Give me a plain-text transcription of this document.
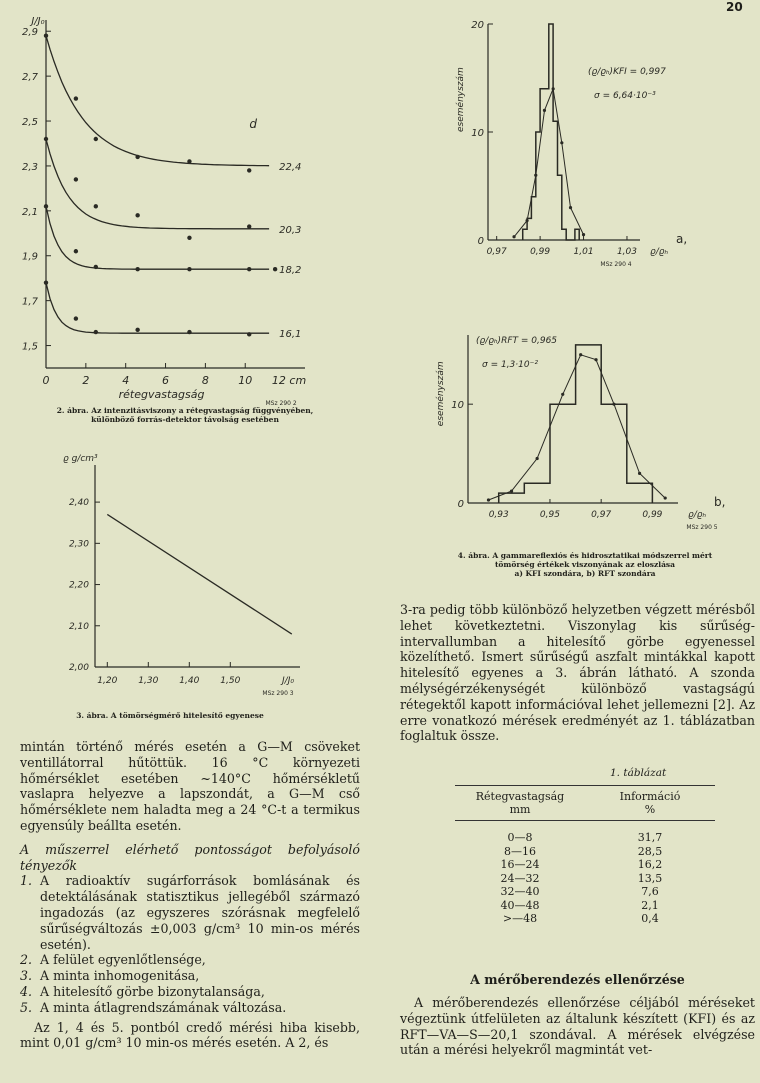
20
1,5
1,7
1,9
2,1
2,3
2,5
2,7
2,9
0	2	4	6	8	10 12 cm
rétegvastagság
J/J₀
d
MSz 290 2
22,4
20,3
18,2
16,1
2,00
2,10
2,20
2,30
2,40
1,20 1,30 1,40 1,50	J/J₀
ϱ g/cm³
MSz 290 3
0
10
20
0,97	0,99	1,01	1,03 ϱ/ϱₕ
eseményszám
a,
MSz 290 4
(ϱ/ϱₕ)KFI = 0,997
σ = 6,64·10⁻³
0
10
0,93	0,95	0,97	0,99	ϱ/ϱₕ
eseményszám
b,
MSz 290 5
(ϱ/ϱₕ)RFT = 0,965
σ = 1,3·10⁻²
2. ábra. Az intenzitásviszony a rétegvastagság függvényében,
különböző forrás-detektor távolság esetében
3. ábra. A tömörségmérő hitelesítő egyenese
4. ábra. A gammareflexiós és hidrosztatikai módszerrel mért
tömörség értékek viszonyának az eloszlása
a) KFI szondára, b) RFT szondára

mintán történő mérés esetén a G—M csöveket ventillátorral hűtöttük. 16 °C környezeti hőmérséklet esetében ~140°C hőmérsékletű vaslapra helyezve a lapszondát, a G—M cső hőmérséklete nem haladta meg a 24 °C-t a termikus egyensúly beállta esetén.

A műszerrel elérhető pontosságot befolyásoló tényezők

1. A radioaktív sugárforrások bomlásának és detektálásának statisztikus jellegéből származó ingadozás (az egyszeres szórásnak megfelelő sűrűségváltozás ±0,003 g/cm³ 10 min-os mérés esetén).
2. A felület egyenlőtlensége,
3. A minta inhomogenitása,
4. A hitelesítő görbe bizonytalansága,
5. A minta átlagrendszámának változása.

Az 1, 4 és 5. pontból credő mérési hiba kisebb, mint 0,01 g/cm³ 10 min-os mérés esetén. A 2, és

3-ra pedig több különböző helyzetben végzett mérésből lehet következtetni. Viszonylag kis sűrűség-intervallumban a hitelesítő görbe egyenessel közelíthető. Ismert sűrűségű aszfalt mintákkal kapott hitelesítő egyenes a 3. ábrán látható. A szonda mélységérzékenységét különböző vastagságú rétegektől kapott információval lehet jellemezni [2]. Az erre vonatkozó mérések eredményét az 1. táblázatban foglaltuk össze.

1. táblázat
Rétegvastagság
mm
Információ
%
0—8	31,7
8—16	28,5
16—24	16,2
24—32	13,5
32—40	7,6
40—48	2,1
>—48	0,4
A mérőberendezés ellenőrzése

A mérőberendezés ellenőrzése céljából méréseket végeztünk útfelületen az általunk készített (KFI) és az RFT—VA—S—20,1 szondával. A mérések elvégzése után a mérési helyekről magmintát vet-
